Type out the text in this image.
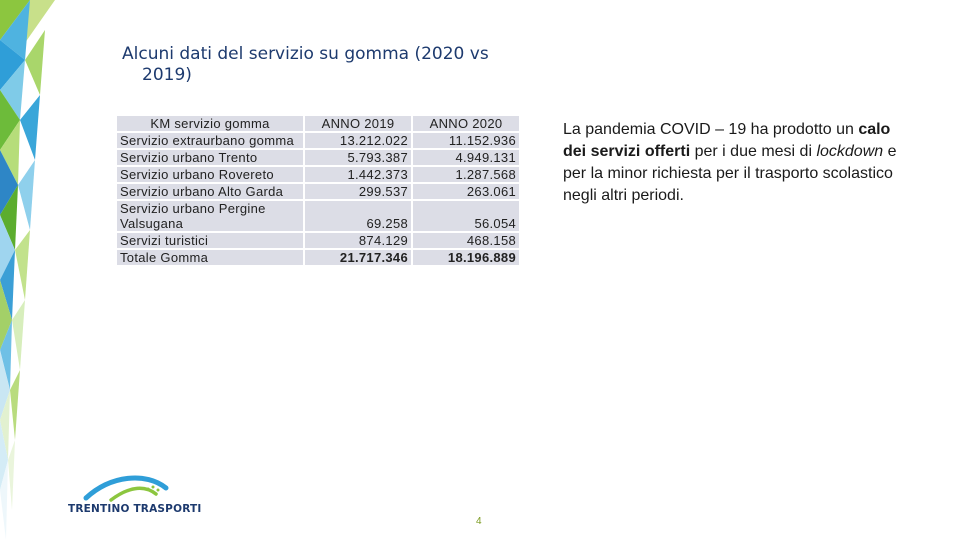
Alcuni dati del servizio su gomma (2020 vs
2019)
KM servizio gomma	ANNO 2019	ANNO 2020
Servizio extraurbano gomma	13.212.022	11.152.936
Servizio urbano Trento	5.793.387	4.949.131
Servizio urbano Rovereto	1.442.373	1.287.568
Servizio urbano Alto Garda	299.537	263.061
Servizio urbano Pergine Valsugana	69.258	56.054
Servizi turistici	874.129	468.158
Totale Gomma	21.717.346	18.196.889
La pandemia COVID – 19 ha prodotto un calo dei servizi offerti per i due mesi di lockdown e per la minor richiesta per il trasporto scolastico negli altri periodi.
TRENTINO TRASPORTI
4
